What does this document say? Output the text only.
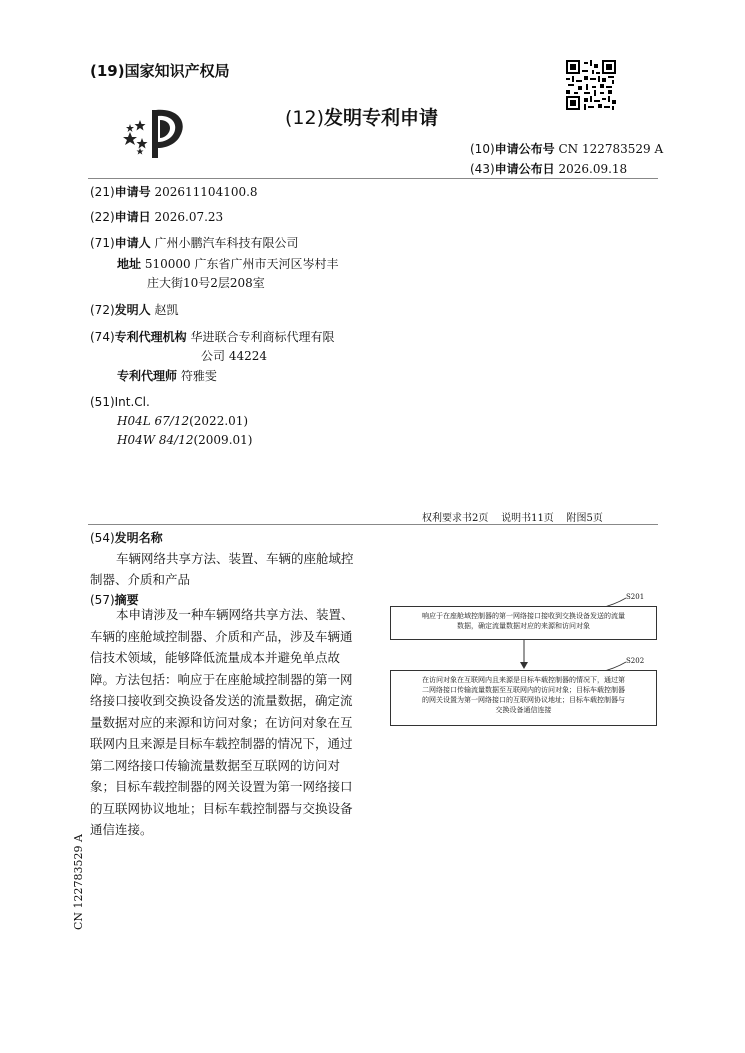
(19)国家知识产权局
(12)发明专利申请
(10)申请公布号 CN 122783529 A
(43)申请公布日 2026.09.18
(21)申请号 202611104100.8
(22)申请日 2026.07.23
(71)申请人 广州小鹏汽车科技有限公司
地址 510000 广东省广州市天河区岑村丰
庄大街10号2层208室
(72)发明人 赵凯
(74)专利代理机构 华进联合专利商标代理有限
公司 44224
专利代理师 符雅雯
(51)Int.Cl.
H04L 67/12(2022.01)
H04W 84/12(2009.01)
权利要求书2页    说明书11页    附图5页
(54)发明名称
车辆网络共享方法、装置、车辆的座舱域控
制器、介质和产品
(57)摘要
本申请涉及一种车辆网络共享方法、装置、
车辆的座舱域控制器、介质和产品，涉及车辆通
信技术领域，能够降低流量成本并避免单点故
障。方法包括：响应于在座舱域控制器的第一网
络接口接收到交换设备发送的流量数据，确定流
量数据对应的来源和访问对象；在访问对象在互
联网内且来源是目标车载控制器的情况下，通过
第二网络接口传输流量数据至互联网的访问对
象；目标车载控制器的网关设置为第一网络接口
的互联网协议地址；目标车载控制器与交换设备
通信连接。
S201
响应于在座舱域控制器的第一网络接口接收到交换设备发送的流量
数据，确定流量数据对应的来源和访问对象
S202
在访问对象在互联网内且来源是目标车载控制器的情况下，通过第
二网络接口传输流量数据至互联网内的访问对象；目标车载控制器
的网关设置为第一网络接口的互联网协议地址；目标车载控制器与
交换设备通信连接
CN 122783529 A
